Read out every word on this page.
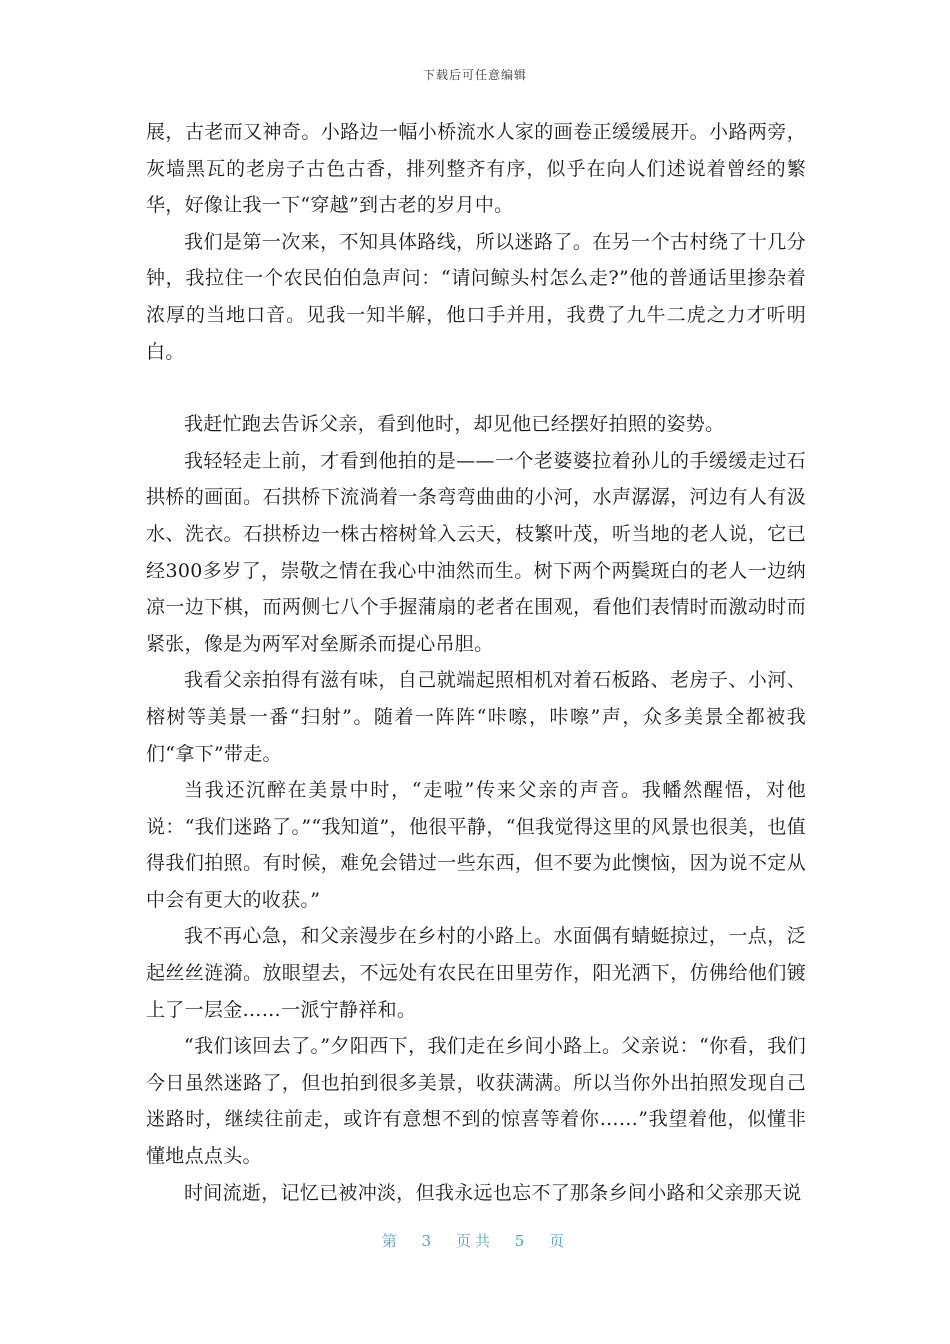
下载后可任意编辑

展，古老而又神奇。小路边一幅小桥流水人家的画卷正缓缓展开。小路两旁，灰墙黑瓦的老房子古色古香，排列整齐有序，似乎在向人们述说着曾经的繁华，好像让我一下“穿越”到古老的岁月中。

我们是第一次来，不知具体路线，所以迷路了。在另一个古村绕了十几分钟，我拉住一个农民伯伯急声问：“请问鲸头村怎么走?”他的普通话里掺杂着浓厚的当地口音。见我一知半解，他口手并用，我费了九牛二虎之力才听明白。

我赶忙跑去告诉父亲，看到他时，却见他已经摆好拍照的姿势。

我轻轻走上前，才看到他拍的是——一个老婆婆拉着孙儿的手缓缓走过石拱桥的画面。石拱桥下流淌着一条弯弯曲曲的小河，水声潺潺，河边有人有汲水、洗衣。石拱桥边一株古榕树耸入云天，枝繁叶茂，听当地的老人说，它已经300多岁了，崇敬之情在我心中油然而生。树下两个两鬓斑白的老人一边纳凉一边下棋，而两侧七八个手握蒲扇的老者在围观，看他们表情时而激动时而紧张，像是为两军对垒厮杀而提心吊胆。

我看父亲拍得有滋有味，自己就端起照相机对着石板路、老房子、小河、榕树等美景一番“扫射”。随着一阵阵“咔嚓，咔嚓”声，众多美景全都被我们“拿下”带走。

当我还沉醉在美景中时，“走啦”传来父亲的声音。我幡然醒悟，对他说：“我们迷路了。”“我知道”，他很平静，“但我觉得这里的风景也很美，也值得我们拍照。有时候，难免会错过一些东西，但不要为此懊恼，因为说不定从中会有更大的收获。”

我不再心急，和父亲漫步在乡村的小路上。水面偶有蜻蜓掠过，一点，泛起丝丝涟漪。放眼望去，不远处有农民在田里劳作，阳光洒下，仿佛给他们镀上了一层金……一派宁静祥和。

“我们该回去了。”夕阳西下，我们走在乡间小路上。父亲说：“你看，我们今日虽然迷路了，但也拍到很多美景，收获满满。所以当你外出拍照发现自己迷路时，继续往前走，或许有意想不到的惊喜等着你……”我望着他，似懂非懂地点点头。

时间流逝，记忆已被冲淡，但我永远也忘不了那条乡间小路和父亲那天说

第 3 页共 5 页
